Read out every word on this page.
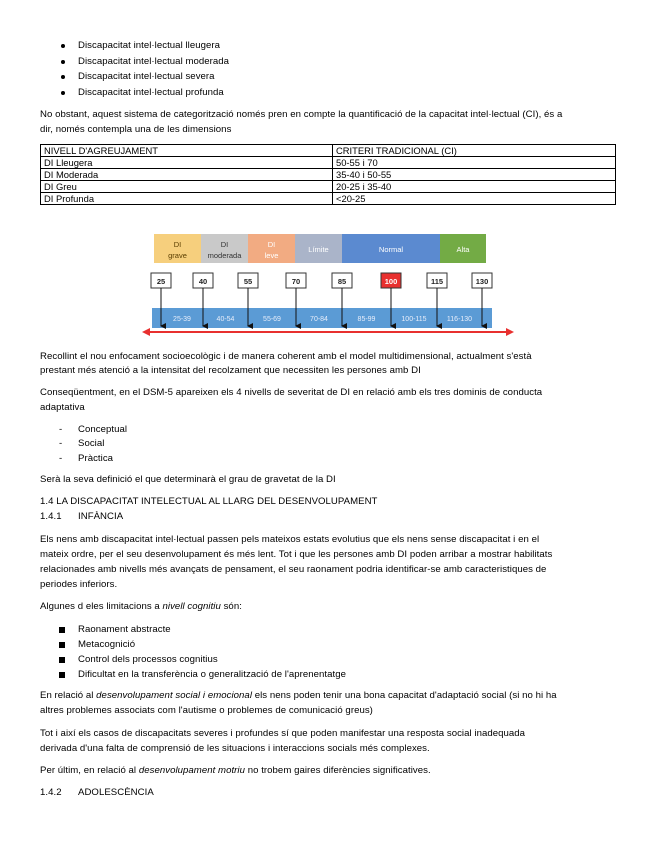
Discapacitat intel·lectual lleugera
Discapacitat intel·lectual moderada
Discapacitat intel·lectual severa
Discapacitat intel·lectual profunda
No obstant, aquest sistema de categorització només pren en compte la quantificació de la capacitat intel·lectual (CI), és a
dir, només contempla una de les dimensions
NIVELL D'AGREUJAMENT	CRITERI TRADICIONAL (CI)
DI Lleugera	50-55 i 70
DI Moderada	35-40 i 50-55
DI Greu	20-25 i 35-40
DI Profunda	<20-25
DI
grave
DI
moderada
DI
leve
Límite	Normal	Alta
25-39	40-54	55-69	70-84	85-99	100-115	116-130
25	40	55	70	85	100	115	130
Recollint el nou enfocament socioecològic i de manera coherent amb el model multidimensional, actualment s'està
prestant més atenció a la intensitat del recolzament que necessiten les persones amb DI
Conseqüentment, en el DSM-5 apareixen els 4 nivells de severitat de DI en relació amb els tres dominis de conducta
adaptativa
- Conceptual
- Social
- Pràctica
Serà la seva definició el que determinarà el grau de gravetat de la DI
1.4 LA DISCAPACITAT INTELECTUAL AL LLARG DEL DESENVOLUPAMENT
1.4.1 INFÀNCIA
Els nens amb discapacitat intel·lectual passen pels mateixos estats evolutius que els nens sense discapacitat i en el
mateix ordre, per el seu desenvolupament és més lent. Tot i que les persones amb DI poden arribar a mostrar habilitats
relacionades amb nivells més avançats de pensament, el seu raonament podria identificar-se amb caracteristiques de
periodes inferiors.
Algunes d eles limitacions a nivell cognitiu són:
Raonament abstracte
Metacognició
Control dels processos cognitius
Dificultat en la transferència o generalització de l'aprenentatge
En relació al desenvolupament social i emocional els nens poden tenir una bona capacitat d'adaptació social (si no hi ha
altres problemes associats com l'autisme o problemes de comunicació greus)
Tot i així els casos de discapacitats severes i profundes sí que poden manifestar una resposta social inadequada
derivada d'una falta de comprensió de les situacions i interaccions socials més complexes.
Per últim, en relació al desenvolupament motriu no trobem gaires diferències significatives.
1.4.2 ADOLESCÈNCIA
